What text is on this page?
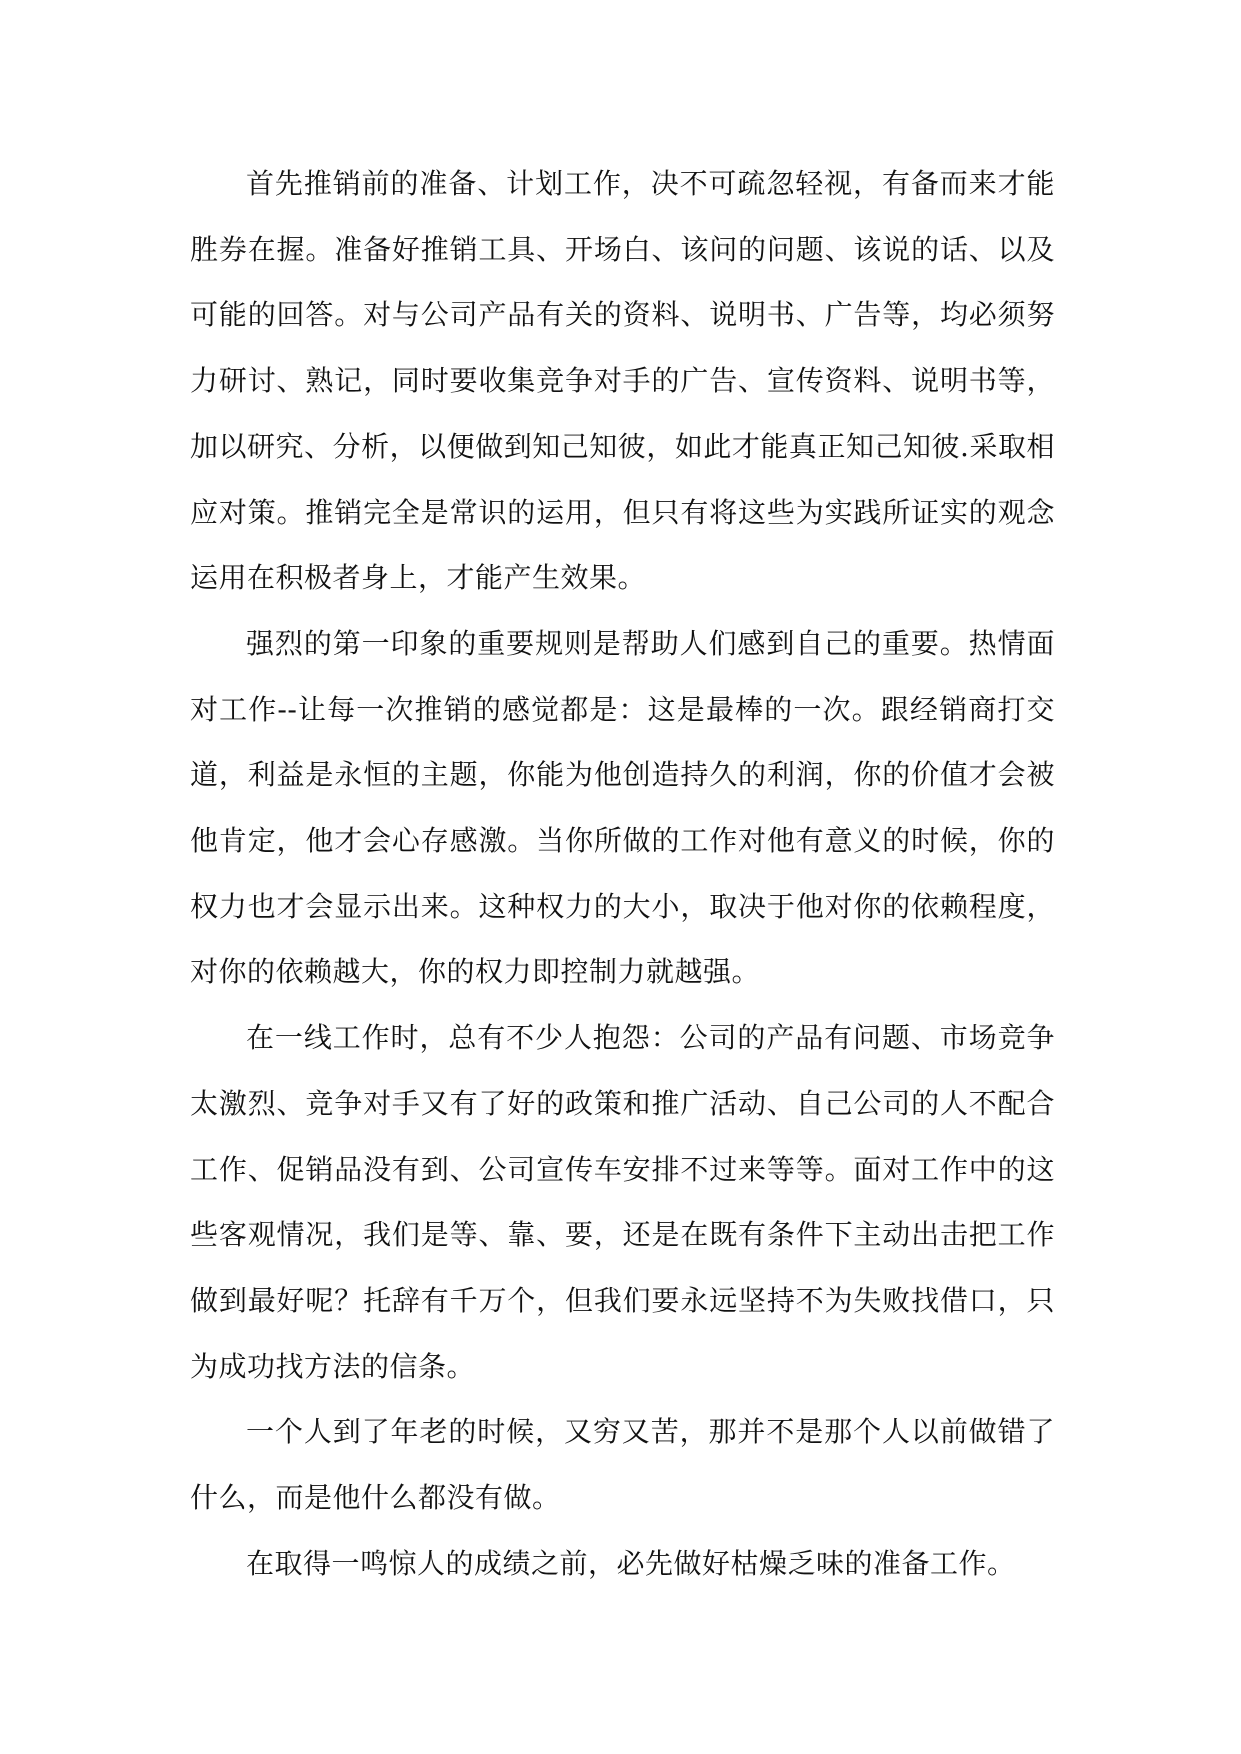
首先推销前的准备、计划工作，决不可疏忽轻视，有备而来才能胜券在握。准备好推销工具、开场白、该问的问题、该说的话、以及可能的回答。对与公司产品有关的资料、说明书、广告等，均必须努力研讨、熟记，同时要收集竞争对手的广告、宣传资料、说明书等，加以研究、分析，以便做到知己知彼，如此才能真正知己知彼.采取相应对策。推销完全是常识的运用，但只有将这些为实践所证实的观念运用在积极者身上，才能产生效果。

强烈的第一印象的重要规则是帮助人们感到自己的重要。热情面对工作--让每一次推销的感觉都是：这是最棒的一次。跟经销商打交道，利益是永恒的主题，你能为他创造持久的利润，你的价值才会被他肯定，他才会心存感激。当你所做的工作对他有意义的时候，你的权力也才会显示出来。这种权力的大小，取决于他对你的依赖程度，对你的依赖越大，你的权力即控制力就越强。

在一线工作时，总有不少人抱怨：公司的产品有问题、市场竞争太激烈、竞争对手又有了好的政策和推广活动、自己公司的人不配合工作、促销品没有到、公司宣传车安排不过来等等。面对工作中的这些客观情况，我们是等、靠、要，还是在既有条件下主动出击把工作做到最好呢？托辞有千万个，但我们要永远坚持不为失败找借口，只为成功找方法的信条。

一个人到了年老的时候，又穷又苦，那并不是那个人以前做错了什么，而是他什么都没有做。

在取得一鸣惊人的成绩之前，必先做好枯燥乏味的准备工作。
